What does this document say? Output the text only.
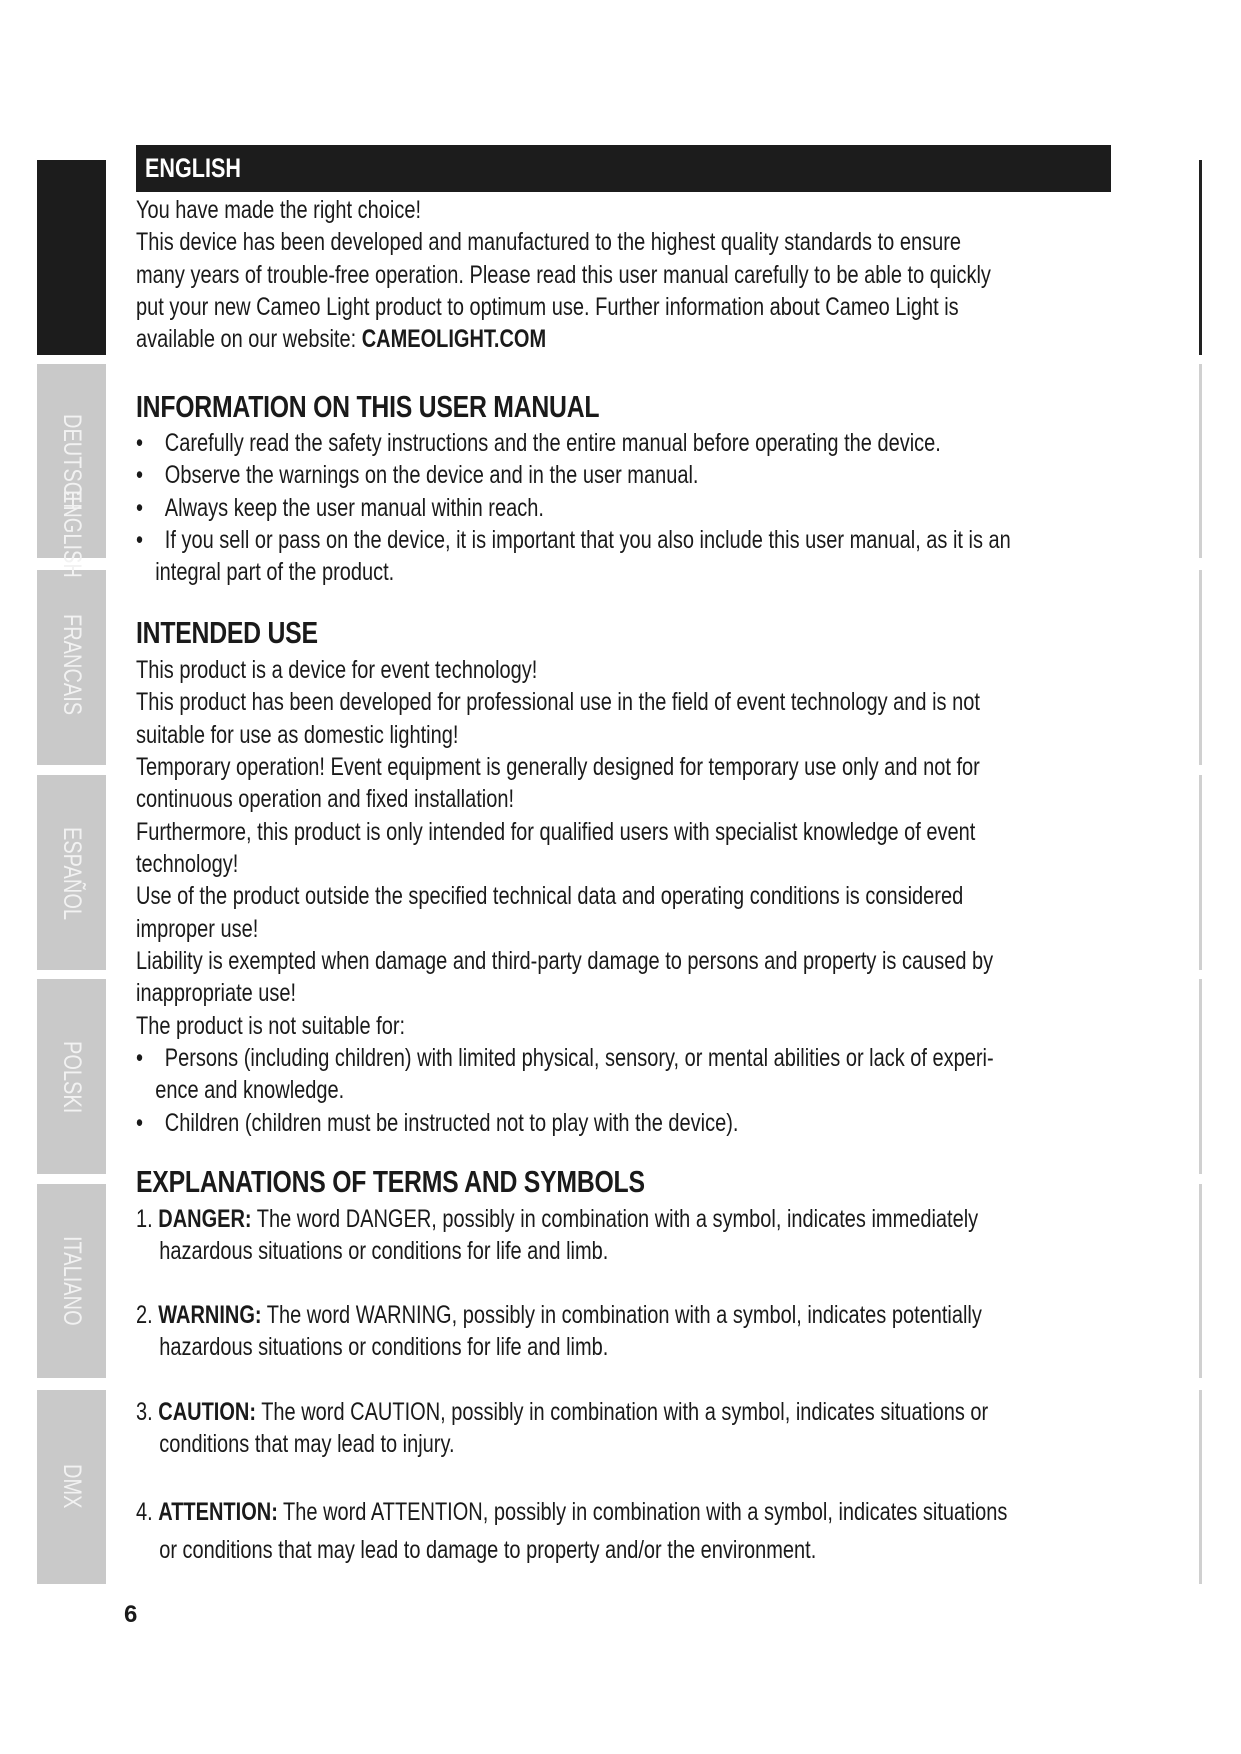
DEUTSCH
FRANCAIS
ESPAÑOL
POLSKI
ITALIANO
DMX
ENGLISH
ENGLISH
You have made the right choice!
This device has been developed and manufactured to the highest quality standards to ensure
many years of trouble-free operation. Please read this user manual carefully to be able to quickly
put your new Cameo Light product to optimum use. Further information about Cameo Light is
available on our website: CAMEOLIGHT.COM
INFORMATION ON THIS USER MANUAL
• Carefully read the safety instructions and the entire manual before operating the device.
• Observe the warnings on the device and in the user manual.
• Always keep the user manual within reach.
• If you sell or pass on the device, it is important that you also include this user manual, as it is an
integral part of the product.
INTENDED USE
This product is a device for event technology!
This product has been developed for professional use in the field of event technology and is not
suitable for use as domestic lighting!
Temporary operation! Event equipment is generally designed for temporary use only and not for
continuous operation and fixed installation!
Furthermore, this product is only intended for qualified users with specialist knowledge of event
technology!
Use of the product outside the specified technical data and operating conditions is considered
improper use!
Liability is exempted when damage and third-party damage to persons and property is caused by
inappropriate use!
The product is not suitable for:
• Persons (including children) with limited physical, sensory, or mental abilities or lack of experi-
ence and knowledge.
• Children (children must be instructed not to play with the device).
EXPLANATIONS OF TERMS AND SYMBOLS
1. DANGER: The word DANGER, possibly in combination with a symbol, indicates immediately
hazardous situations or conditions for life and limb.
2. WARNING: The word WARNING, possibly in combination with a symbol, indicates potentially
hazardous situations or conditions for life and limb.
3. CAUTION: The word CAUTION, possibly in combination with a symbol, indicates situations or
conditions that may lead to injury.
4. ATTENTION: The word ATTENTION, possibly in combination with a symbol, indicates situations
or conditions that may lead to damage to property and/or the environment.
6
